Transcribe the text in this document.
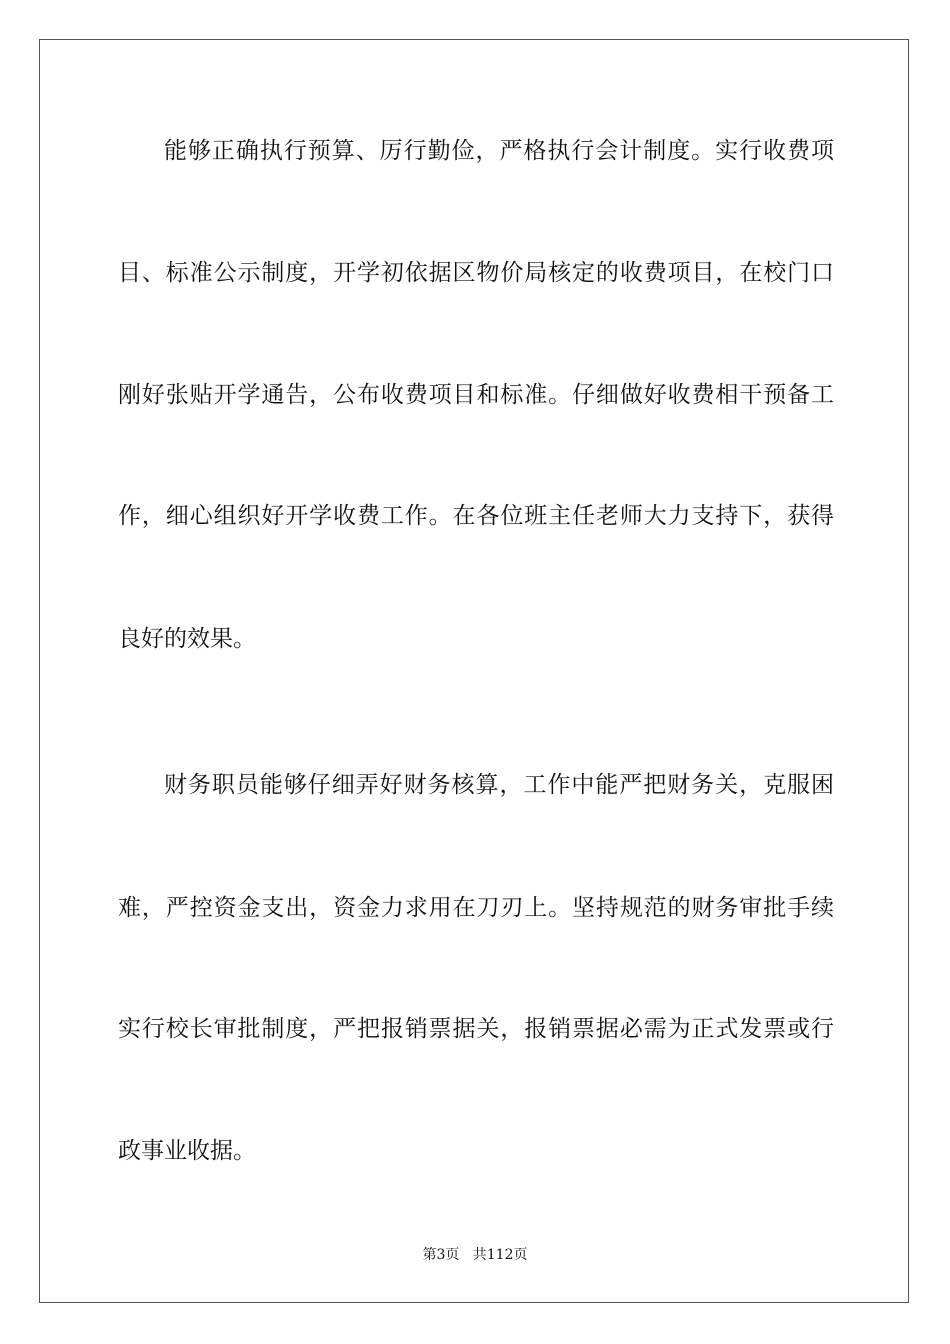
能够正确执行预算、厉行勤俭，严格执行会计制度。实行收费项
目、标准公示制度，开学初依据区物价局核定的收费项目，在校门口
刚好张贴开学通告，公布收费项目和标准。仔细做好收费相干预备工
作，细心组织好开学收费工作。在各位班主任老师大力支持下，获得
良好的效果。
财务职员能够仔细弄好财务核算，工作中能严把财务关，克服困
难，严控资金支出，资金力求用在刀刃上。坚持规范的财务审批手续
实行校长审批制度，严把报销票据关，报销票据必需为正式发票或行
政事业收据。
第3页 共112页
